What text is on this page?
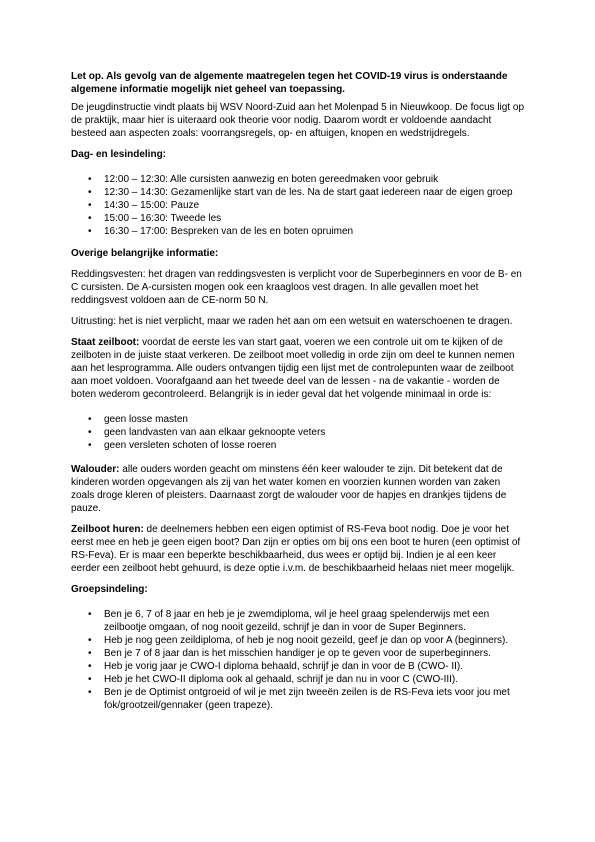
Let op. Als gevolg van de algemente maatregelen tegen het COVID-19 virus is onderstaande algemene informatie mogelijk niet geheel van toepassing.

De jeugdinstructie vindt plaats bij WSV Noord-Zuid aan het Molenpad 5 in Nieuwkoop. De focus ligt op de praktijk, maar hier is uiteraard ook theorie voor nodig. Daarom wordt er voldoende aandacht besteed aan aspecten zoals: voorrangsregels, op- en aftuigen, knopen en wedstrijdregels.

Dag- en lesindeling:
• 12:00 – 12:30: Alle cursisten aanwezig en boten gereedmaken voor gebruik
• 12:30 – 14:30: Gezamenlijke start van de les. Na de start gaat iedereen naar de eigen groep
• 14:30 – 15:00: Pauze
• 15:00 – 16:30: Tweede les
• 16:30 – 17:00: Bespreken van de les en boten opruimen
Overige belangrijke informatie:

Reddingsvesten: het dragen van reddingsvesten is verplicht voor de Superbeginners en voor de B- en C cursisten. De A-cursisten mogen ook een kraagloos vest dragen. In alle gevallen moet het reddingsvest voldoen aan de CE-norm 50 N.

Uitrusting: het is niet verplicht, maar we raden het aan om een wetsuit en waterschoenen te dragen.

Staat zeilboot: voordat de eerste les van start gaat, voeren we een controle uit om te kijken of de zeilboten in de juiste staat verkeren. De zeilboot moet volledig in orde zijn om deel te kunnen nemen aan het lesprogramma. Alle ouders ontvangen tijdig een lijst met de controlepunten waar de zeilboot aan moet voldoen. Voorafgaand aan het tweede deel van de lessen - na de vakantie - worden de boten wederom gecontroleerd. Belangrijk is in ieder geval dat het volgende minimaal in orde is:

• geen losse masten
• geen landvasten van aan elkaar geknoopte veters
• geen versleten schoten of losse roeren

Walouder: alle ouders worden geacht om minstens één keer walouder te zijn. Dit betekent dat de kinderen worden opgevangen als zij van het water komen en voorzien kunnen worden van zaken zoals droge kleren of pleisters. Daarnaast zorgt de walouder voor de hapjes en drankjes tijdens de pauze.

Zeilboot huren: de deelnemers hebben een eigen optimist of RS-Feva boot nodig. Doe je voor het eerst mee en heb je geen eigen boot? Dan zijn er opties om bij ons een boot te huren (een optimist of RS-Feva). Er is maar een beperkte beschikbaarheid, dus wees er optijd bij. Indien je al een keer eerder een zeilboot hebt gehuurd, is deze optie i.v.m. de beschikbaarheid helaas niet meer mogelijk.

Groepsindeling:
• Ben je 6, 7 of 8 jaar en heb je je zwemdiploma, wil je heel graag spelenderwijs met een zeilbootje omgaan, of nog nooit gezeild, schrijf je dan in voor de Super Beginners.
• Heb je nog geen zeildiploma, of heb je nog nooit gezeild, geef je dan op voor A (beginners).
• Ben je 7 of 8 jaar dan is het misschien handiger je op te geven voor de superbeginners.
• Heb je vorig jaar je CWO-I diploma behaald, schrijf je dan in voor de B (CWO- II).
• Heb je het CWO-II diploma ook al gehaald, schrijf je dan nu in voor C (CWO-III).
• Ben je de Optimist ontgroeid of wil je met zijn tweeën zeilen is de RS-Feva iets voor jou met fok/grootzeil/gennaker (geen trapeze).
